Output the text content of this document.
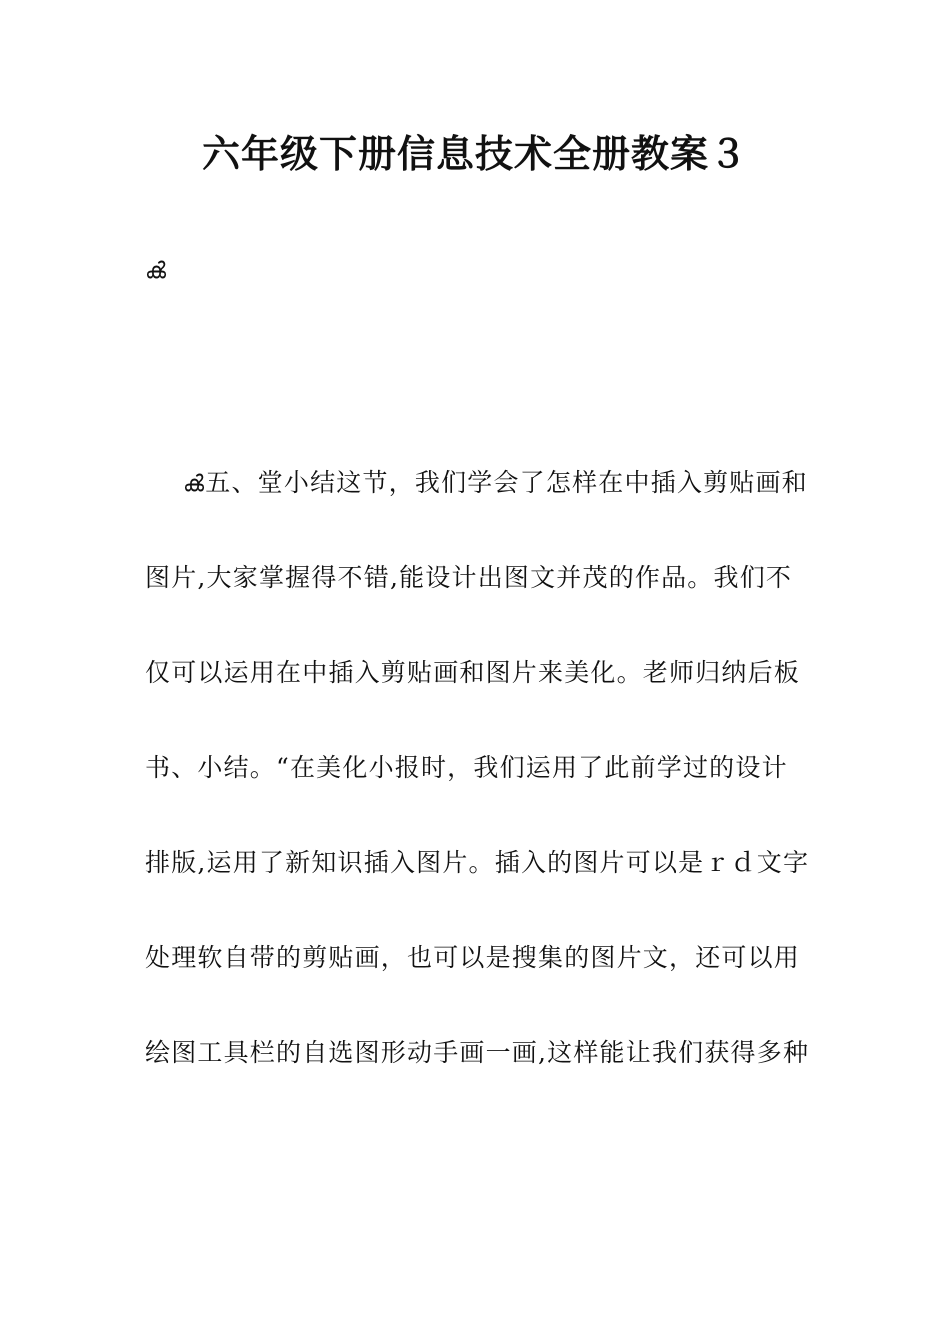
六年级下册信息技术全册教案３
ൿ
ൿ五、堂小结这节，我们学会了怎样在中插入剪贴画和
图片,大家掌握得不错,能设计出图文并茂的作品。我们不
仅可以运用在中插入剪贴画和图片来美化。老师归纳后板
书、小结。“在美化小报时，我们运用了此前学过的设计
排版,运用了新知识插入图片。插入的图片可以是ｒｄ文字
处理软自带的剪贴画，也可以是搜集的图片文，还可以用
绘图工具栏的自选图形动手画一画,这样能让我们获得多种
